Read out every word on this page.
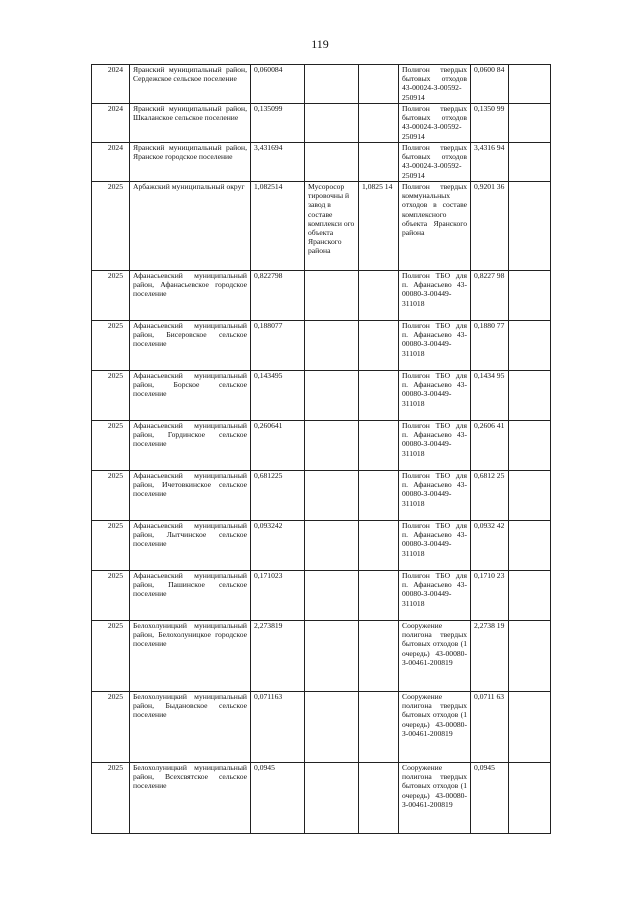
119
2024	Яранский муниципальный район, Сердежское сельское поселение	0,060084			Полигон твердых бытовых отходов 43-00024-З-00592-250914	0,0600 84	
2024	Яранский муниципальный район, Шкаланское сельское поселение	0,135099			Полигон твердых бытовых отходов 43-00024-З-00592-250914	0,1350 99	
2024	Яранский муниципальный район, Яранское городское поселение	3,431694			Полигон твердых бытовых отходов 43-00024-З-00592-250914	3,4316 94	
2025	Арбажский муниципальный округ	1,082514	Мусоросор тировочны й завод в составе комплекси ого объекта Яранского района	1,0825 14	Полигон твердых коммунальных отходов в составе комплексного объекта Яранского района	0,9201 36	
2025	Афанасьевский муниципальный район, Афанасьевское городское поселение	0,822798			Полигон ТБО для п. Афанасьево 43-00080-З-00449-311018	0,8227 98	
2025	Афанасьевский муниципальный район, Бисеровское сельское поселение	0,188077			Полигон ТБО для п. Афанасьево 43-00080-З-00449-311018	0,1880 77	
2025	Афанасьевский муниципальный район, Борское сельское поселение	0,143495			Полигон ТБО для п. Афанасьево 43-00080-З-00449-311018	0,1434 95	
2025	Афанасьевский муниципальный район, Гординское сельское поселение	0,260641			Полигон ТБО для п. Афанасьево 43-00080-З-00449-311018	0,2606 41	
2025	Афанасьевский муниципальный район, Ичетовкинское сельское поселение	0,681225			Полигон ТБО для п. Афанасьево 43-00080-З-00449-311018	0,6812 25	
2025	Афанасьевский муниципальный район, Лытчинское сельское поселение	0,093242			Полигон ТБО для п. Афанасьево 43-00080-З-00449-311018	0,0932 42	
2025	Афанасьевский муниципальный район, Пашинское сельское поселение	0,171023			Полигон ТБО для п. Афанасьево 43-00080-З-00449-311018	0,1710 23	
2025	Белохолуницкий муниципальный район, Белохолуницкое городское поселение	2,273819			Сооружение полигона твердых бытовых отходов (1 очередь) 43-00080-З-00461-200819	2,2738 19	
2025	Белохолуницкий муниципальный район, Быдановское сельское поселение	0,071163			Сооружение полигона твердых бытовых отходов (1 очередь) 43-00080-З-00461-200819	0,0711 63	
2025	Белохолуницкий муниципальный район, Всехсвятское сельское поселение	0,0945			Сооружение полигона твердых бытовых отходов (1 очередь) 43-00080-З-00461-200819	0,0945	
